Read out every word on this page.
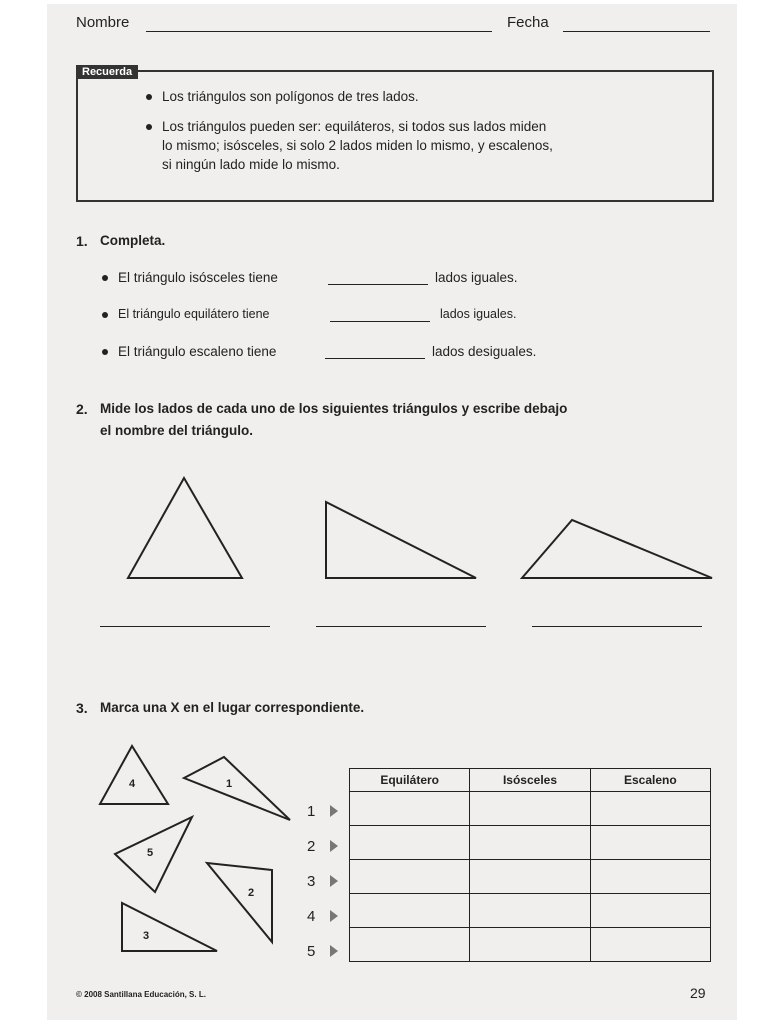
Nombre	Fecha
Recuerda
Los triángulos son polígonos de tres lados.
Los triángulos pueden ser: equiláteros, si todos sus lados miden
lo mismo; isósceles, si solo 2 lados miden lo mismo, y escalenos,
si ningún lado mide lo mismo.
1. Completa.
El triángulo isósceles tiene	lados iguales.
El triángulo equilátero tiene	lados iguales.
El triángulo escaleno tiene	lados desiguales.
2. Mide los lados de cada uno de los siguientes triángulos y escribe debajo
el nombre del triángulo.
3. Marca una X en el lugar correspondiente.
4	1
5
2
3
Equilátero	Isósceles	Escaleno

1
2
3
4
5
© 2008 Santillana Educación, S. L.	29
